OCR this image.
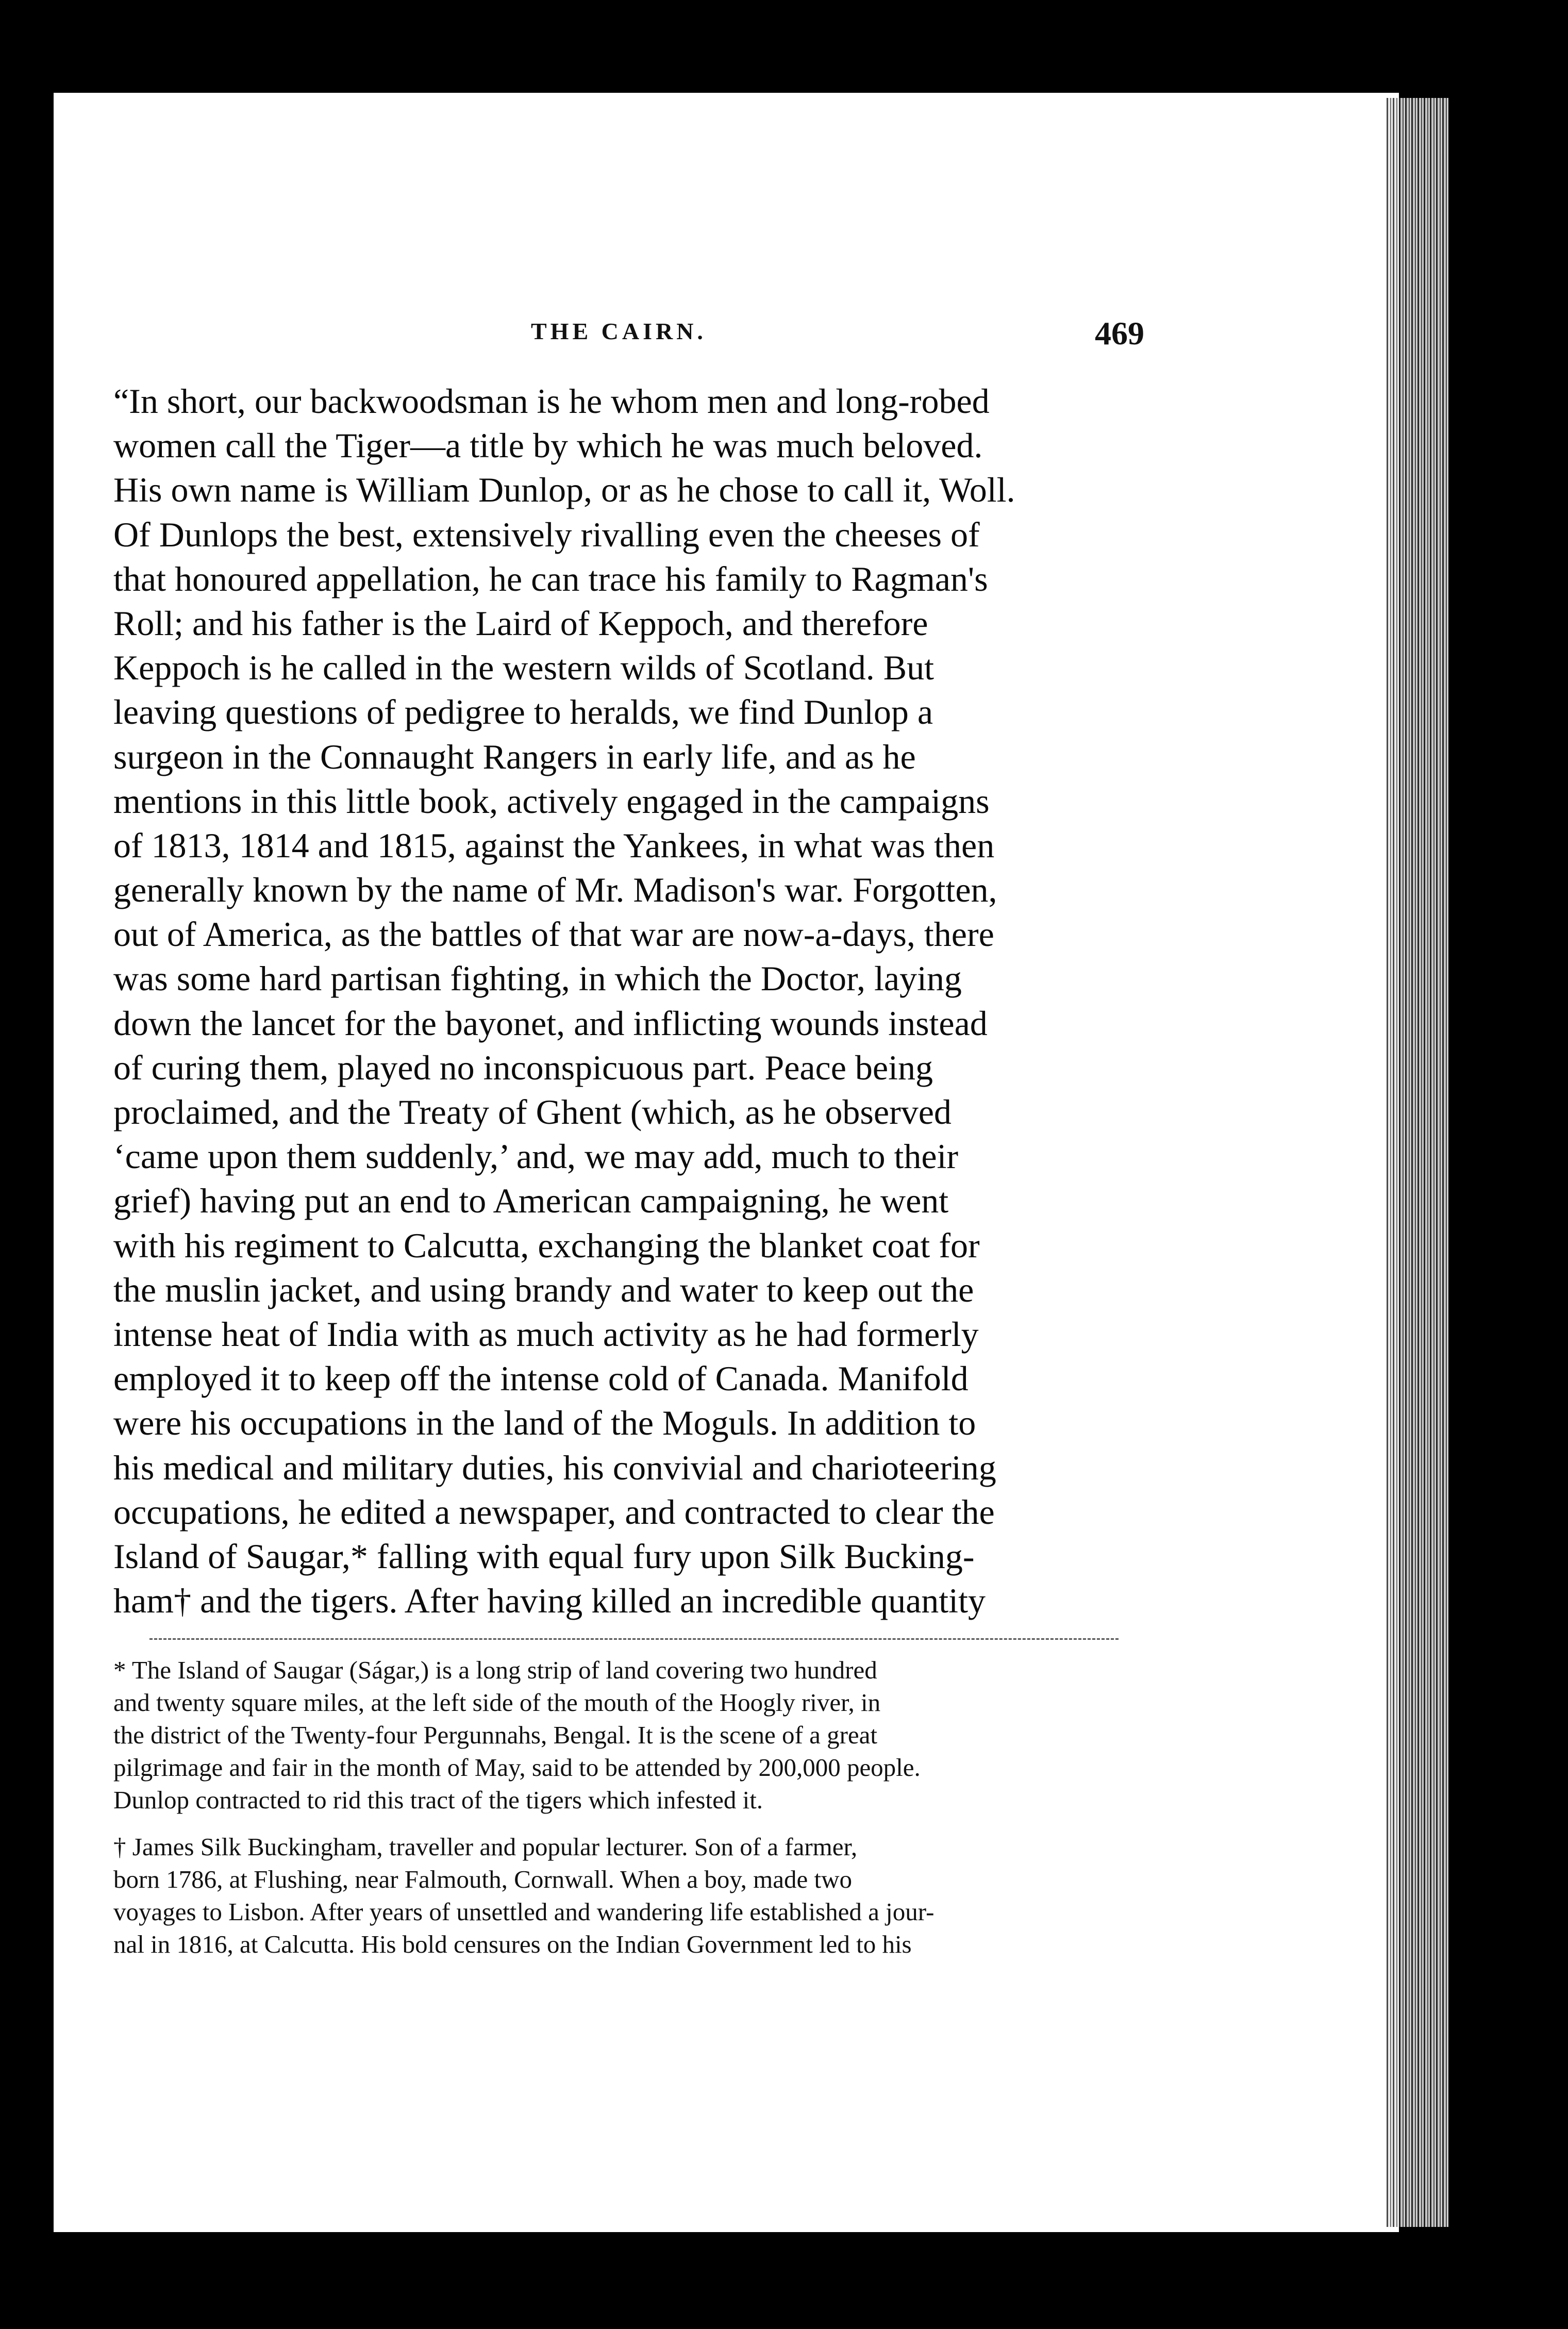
THE CAIRN.	469
“In short, our backwoodsman is he whom men and long-robed
women call the Tiger—a title by which he was much beloved.
His own name is William Dunlop, or as he chose to call it, Woll.
Of Dunlops the best, extensively rivalling even the cheeses of
that honoured appellation, he can trace his family to Ragman's
Roll; and his father is the Laird of Keppoch, and therefore
Keppoch is he called in the western wilds of Scotland. But
leaving questions of pedigree to heralds, we find Dunlop a
surgeon in the Connaught Rangers in early life, and as he
mentions in this little book, actively engaged in the campaigns
of 1813, 1814 and 1815, against the Yankees, in what was then
generally known by the name of Mr. Madison's war. Forgotten,
out of America, as the battles of that war are now-a-days, there
was some hard partisan fighting, in which the Doctor, laying
down the lancet for the bayonet, and inflicting wounds instead
of curing them, played no inconspicuous part. Peace being
proclaimed, and the Treaty of Ghent (which, as he observed
‘came upon them suddenly,’ and, we may add, much to their
grief) having put an end to American campaigning, he went
with his regiment to Calcutta, exchanging the blanket coat for
the muslin jacket, and using brandy and water to keep out the
intense heat of India with as much activity as he had formerly
employed it to keep off the intense cold of Canada. Manifold
were his occupations in the land of the Moguls. In addition to
his medical and military duties, his convivial and charioteering
occupations, he edited a newspaper, and contracted to clear the
Island of Saugar,* falling with equal fury upon Silk Bucking-
ham† and the tigers. After having killed an incredible quantity
* The Island of Saugar (Ságar,) is a long strip of land covering two hundred
and twenty square miles, at the left side of the mouth of the Hoogly river, in
the district of the Twenty-four Pergunnahs, Bengal. It is the scene of a great
pilgrimage and fair in the month of May, said to be attended by 200,000 people.
Dunlop contracted to rid this tract of the tigers which infested it.
† James Silk Buckingham, traveller and popular lecturer. Son of a farmer,
born 1786, at Flushing, near Falmouth, Cornwall. When a boy, made two
voyages to Lisbon. After years of unsettled and wandering life established a jour-
nal in 1816, at Calcutta. His bold censures on the Indian Government led to his
